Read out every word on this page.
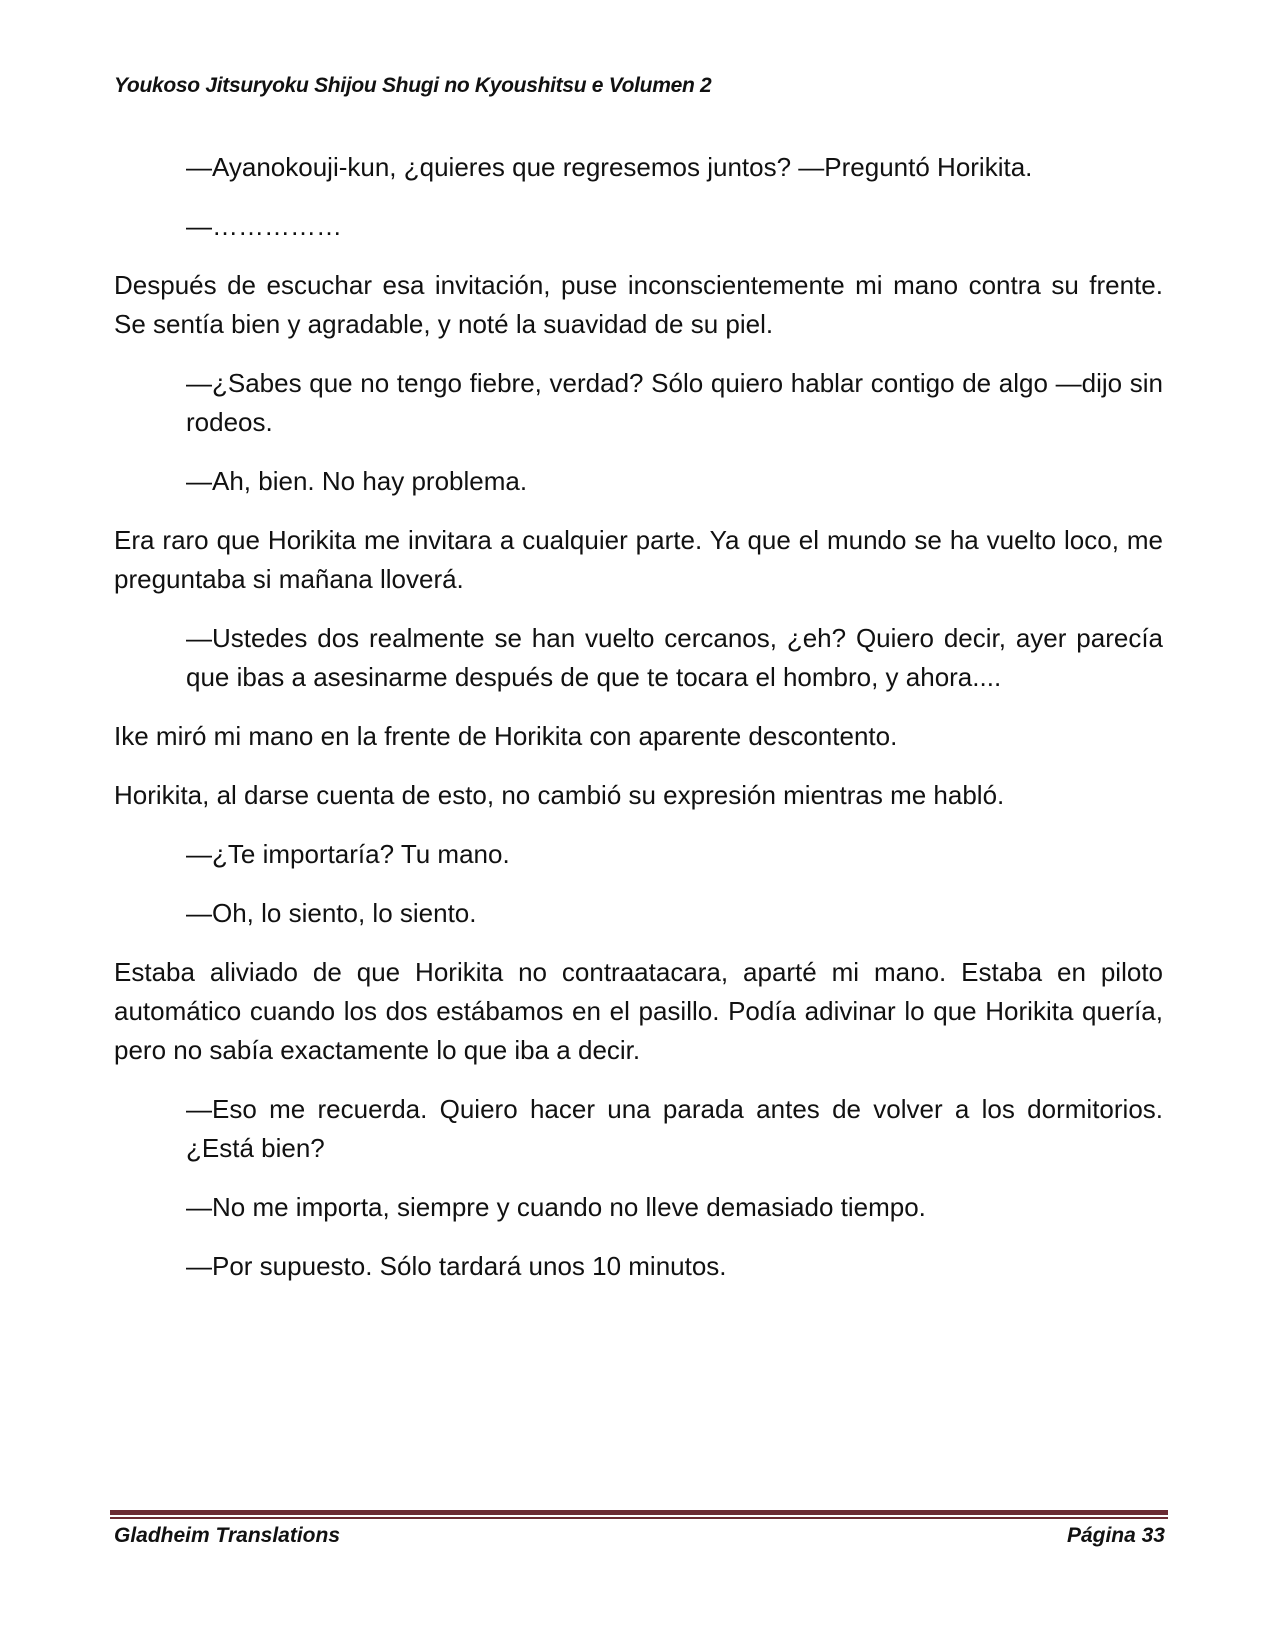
Youkoso Jitsuryoku Shijou Shugi no Kyoushitsu e Volumen 2

—Ayanokouji-kun, ¿quieres que regresemos juntos? —Preguntó Horikita.

—……………

Después de escuchar esa invitación, puse inconscientemente mi mano contra su frente. Se sentía bien y agradable, y noté la suavidad de su piel.

—¿Sabes que no tengo fiebre, verdad? Sólo quiero hablar contigo de algo —dijo sin rodeos.

—Ah, bien. No hay problema.

Era raro que Horikita me invitara a cualquier parte. Ya que el mundo se ha vuelto loco, me preguntaba si mañana lloverá.

—Ustedes dos realmente se han vuelto cercanos, ¿eh? Quiero decir, ayer parecía que ibas a asesinarme después de que te tocara el hombro, y ahora....

Ike miró mi mano en la frente de Horikita con aparente descontento.

Horikita, al darse cuenta de esto, no cambió su expresión mientras me habló.

—¿Te importaría? Tu mano.

—Oh, lo siento, lo siento.

Estaba aliviado de que Horikita no contraatacara, aparté mi mano. Estaba en piloto automático cuando los dos estábamos en el pasillo. Podía adivinar lo que Horikita quería, pero no sabía exactamente lo que iba a decir.

—Eso me recuerda. Quiero hacer una parada antes de volver a los dormitorios. ¿Está bien?

—No me importa, siempre y cuando no lleve demasiado tiempo.

—Por supuesto. Sólo tardará unos 10 minutos.

Gladheim Translations	Página 33
